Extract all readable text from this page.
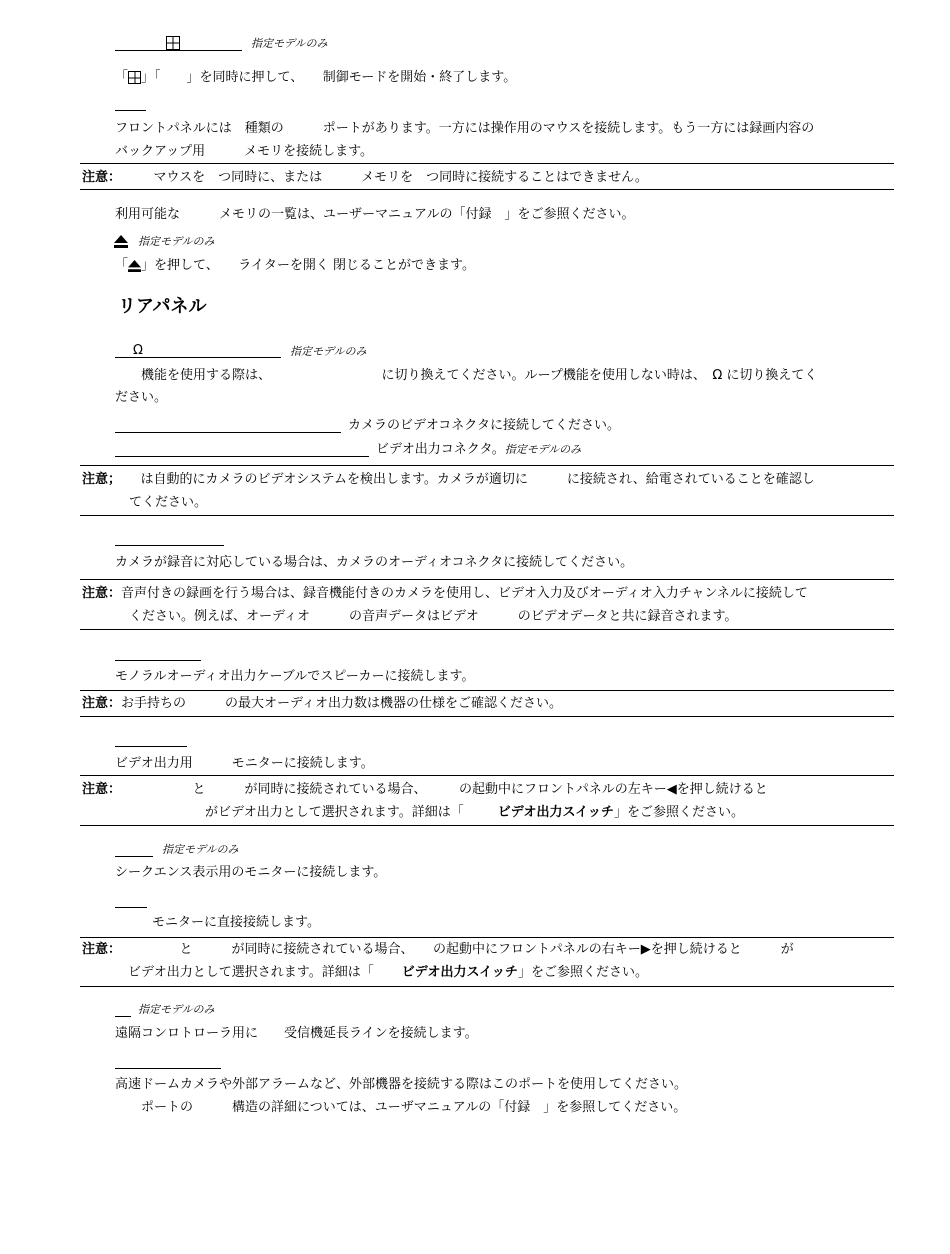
指定モデルのみ
「 」「　　」を同時に押して、　　制御モードを開始・終了します。
フロントパネルには　種類の　　　ポートがあります。一方には操作用のマウスを接続します。もう一方には録画内容の
バックアップ用　　　メモリを接続します。
注意：　　　マウスを　つ同時に、または　　　メモリを　つ同時に接続することはできません。
利用可能な　　　メモリの一覧は、ユーザーマニュアルの「付録　」をご参照ください。
指定モデルのみ
「 」を押して、　　ライターを開く 閉じることができます。
リアパネル
Ω	指定モデルのみ
　　機能を使用する際は、　　　　　　　　　に切り換えてください。ループ機能を使用しない時は、　Ω に切り換えてく
ださい。
カメラのビデオコネクタに接続してください。
ビデオ出力コネクタ。指定モデルのみ
注意；　　は自動的にカメラのビデオシステムを検出します。カメラが適切に　　　に接続され、給電されていることを確認し
てください。
カメラが録音に対応している場合は、カメラのオーディオコネクタに接続してください。
注意：音声付きの録画を行う場合は、録音機能付きのカメラを使用し、ビデオ入力及びオーディオ入力チャンネルに接続して
ください。例えば、オーディオ　　　の音声データはビデオ　　　のビデオデータと共に録音されます。
モノラルオーディオ出力ケーブルでスピーカーに接続します。
注意：お手持ちの　　　の最大オーディオ出力数は機器の仕様をご確認ください。
ビデオ出力用　　　モニターに接続します。
注意：　　　　　　と　　　が同時に接続されている場合、　　　の起動中にフロントパネルの左キー◀を押し続けると
がビデオ出力として選択されます。詳細は「	ビデオ出力スイッチ」をご参照ください。
指定モデルのみ
シークエンス表示用のモニターに接続します。
モニターに直接接続します。
注意：　　　　　と　　　が同時に接続されている場合、　　の起動中にフロントパネルの右キー▶を押し続けると　　　が
ビデオ出力として選択されます。詳細は「 ビデオ出力スイッチ」をご参照ください。
指定モデルのみ
遠隔コンロトローラ用に　　受信機延長ラインを接続します。
高速ドームカメラや外部アラームなど、外部機器を接続する際はこのポートを使用してください。
　　ポートの　　　構造の詳細については、ユーザマニュアルの「付録　」を参照してください。
